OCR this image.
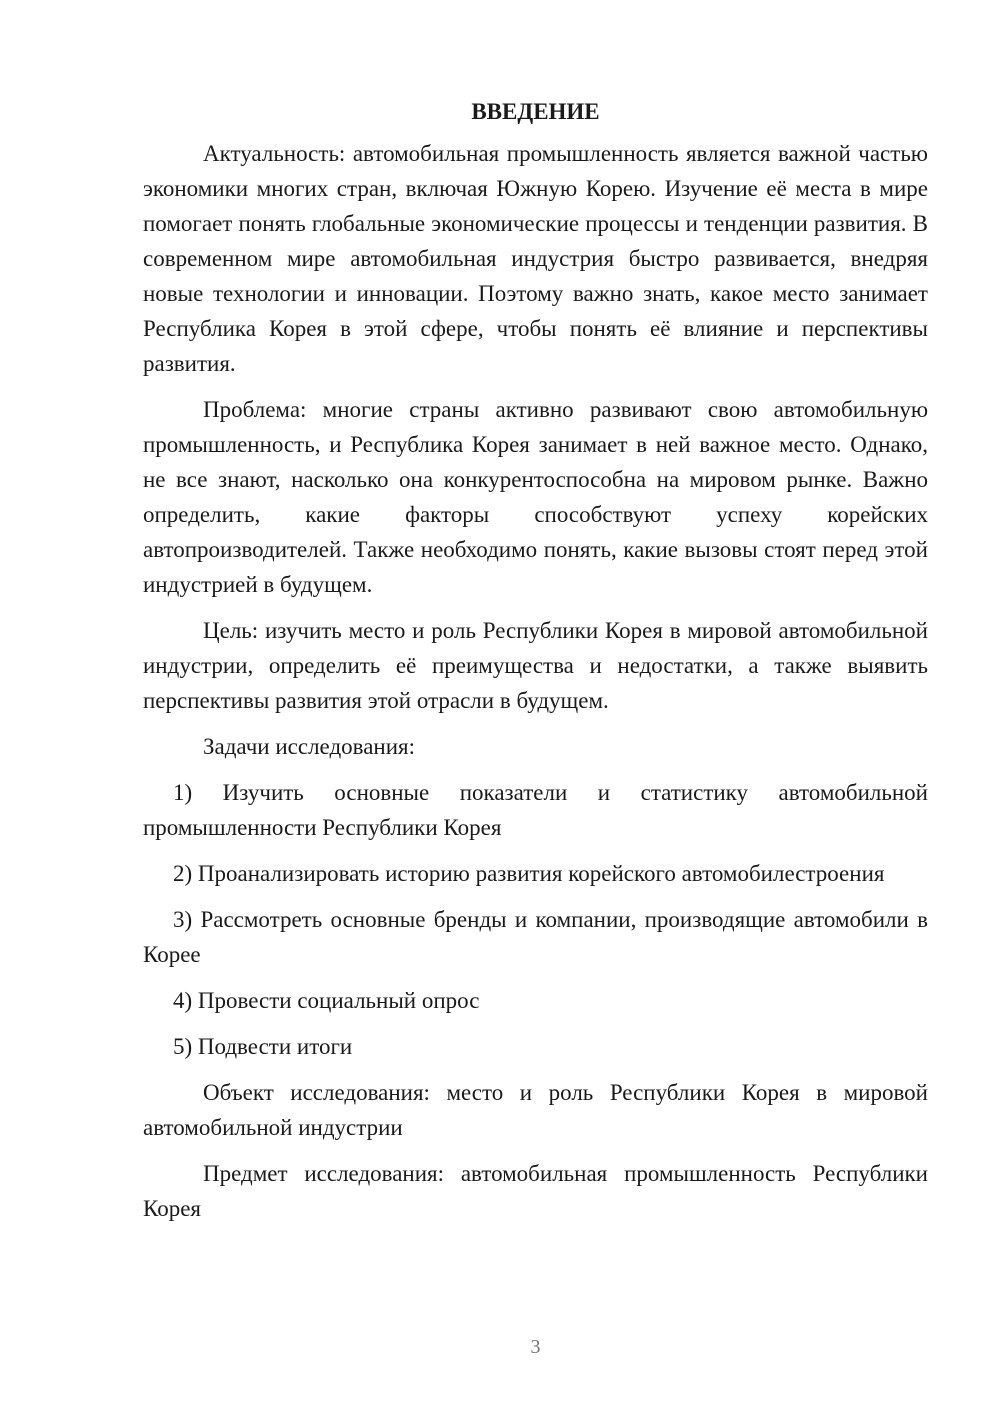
ВВЕДЕНИЕ

Актуальность: автомобильная промышленность является важной частью экономики многих стран, включая Южную Корею. Изучение её места в мире помогает понять глобальные экономические процессы и тенденции развития. В современном мире автомобильная индустрия быстро развивается, внедряя новые технологии и инновации. Поэтому важно знать, какое место занимает Республика Корея в этой сфере, чтобы понять её влияние и перспективы развития.

Проблема: многие страны активно развивают свою автомобильную промышленность, и Республика Корея занимает в ней важное место. Однако, не все знают, насколько она конкурентоспособна на мировом рынке. Важно определить, какие факторы способствуют успеху корейских автопроизводителей. Также необходимо понять, какие вызовы стоят перед этой индустрией в будущем.

Цель: изучить место и роль Республики Корея в мировой автомобильной индустрии, определить её преимущества и недостатки, а также выявить перспективы развития этой отрасли в будущем.

Задачи исследования:

1) Изучить основные показатели и статистику автомобильной промышленности Республики Корея

2) Проанализировать историю развития корейского автомобилестроения

3) Рассмотреть основные бренды и компании, производящие автомобили в Корее

4) Провести социальный опрос

5) Подвести итоги

Объект исследования: место и роль Республики Корея в мировой автомобильной индустрии

Предмет исследования: автомобильная промышленность Республики Корея

3
